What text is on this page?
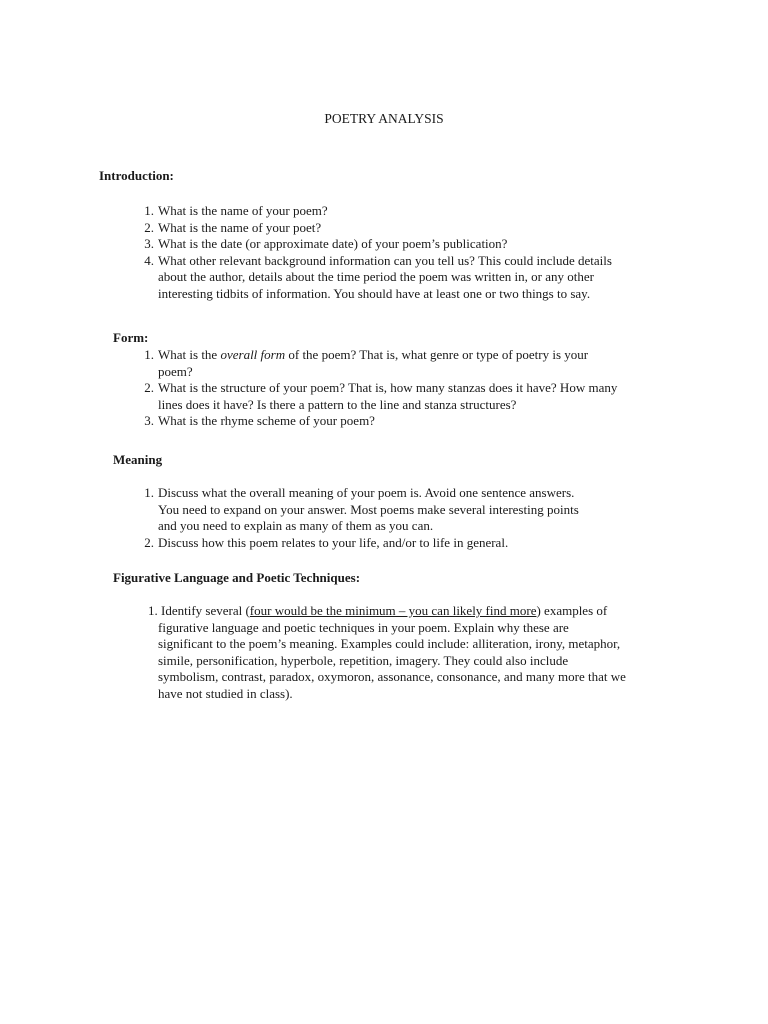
POETRY ANALYSIS
Introduction:
1. What is the name of your poem?
2. What is the name of your poet?
3. What is the date (or approximate date) of your poem’s publication?
4. What other relevant background information can you tell us? This could include details
about the author, details about the time period the poem was written in, or any other
interesting tidbits of information. You should have at least one or two things to say.
Form:
1. What is the overall form of the poem? That is, what genre or type of poetry is your
poem?
2. What is the structure of your poem? That is, how many stanzas does it have? How many
lines does it have? Is there a pattern to the line and stanza structures?
3. What is the rhyme scheme of your poem?
Meaning
1. Discuss what the overall meaning of your poem is. Avoid one sentence answers.
You need to expand on your answer. Most poems make several interesting points
and you need to explain as many of them as you can.
2. Discuss how this poem relates to your life, and/or to life in general.
Figurative Language and Poetic Techniques:
1. Identify several (four would be the minimum – you can likely find more) examples of
figurative language and poetic techniques in your poem. Explain why these are
significant to the poem’s meaning. Examples could include: alliteration, irony, metaphor,
simile, personification, hyperbole, repetition, imagery. They could also include
symbolism, contrast, paradox, oxymoron, assonance, consonance, and many more that we
have not studied in class).
